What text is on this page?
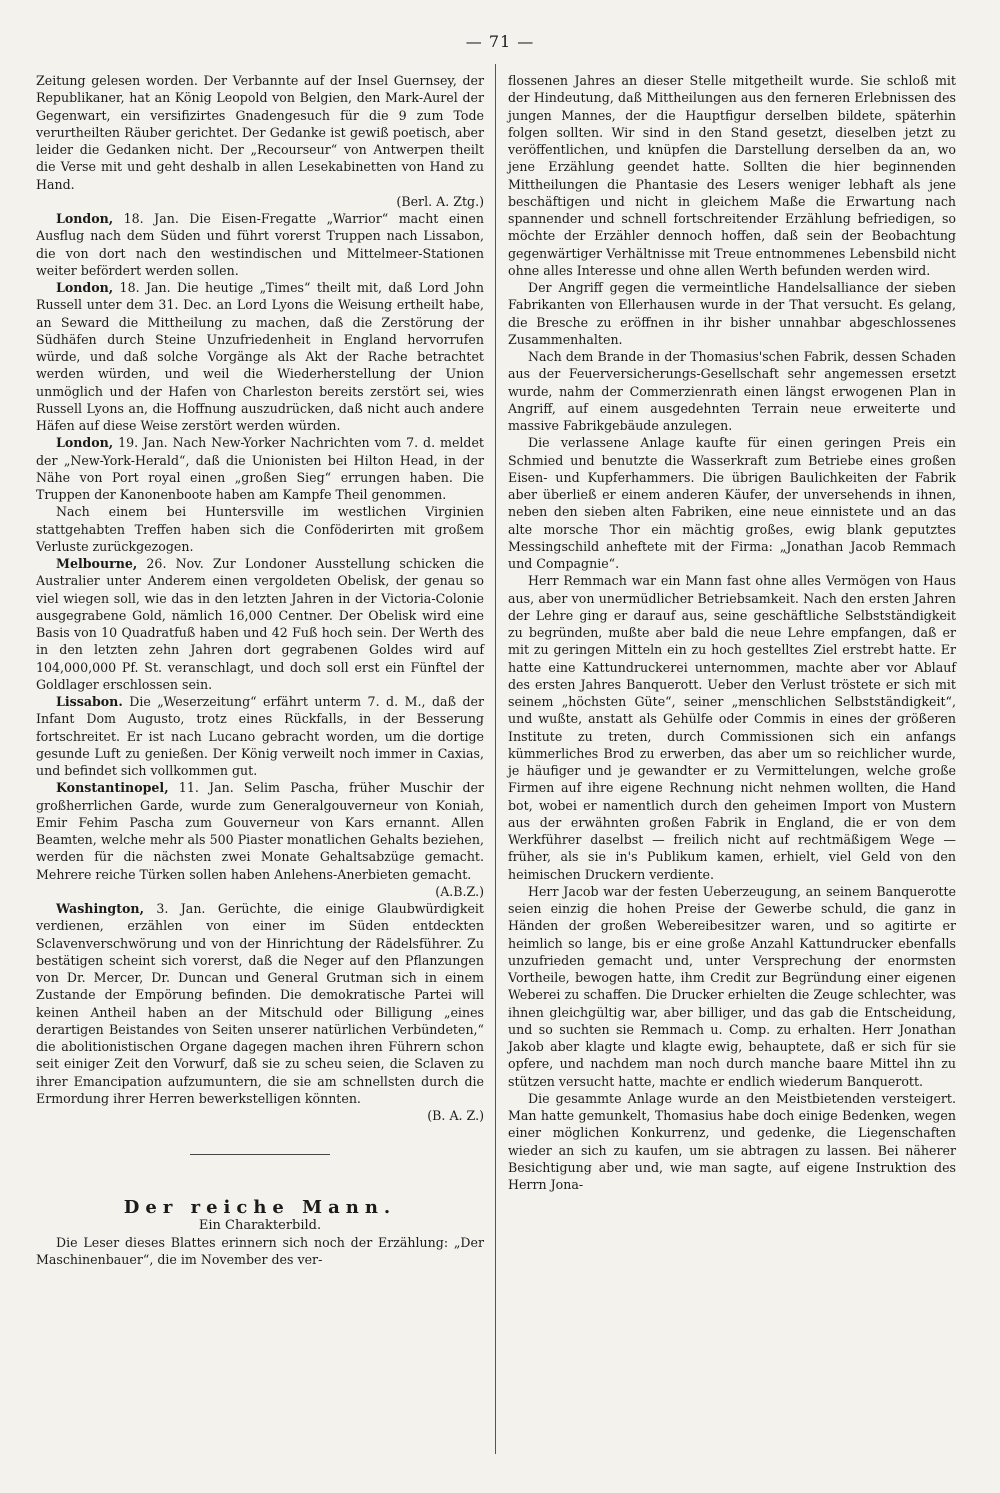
— 71 —

Zeitung gelesen worden. Der Verbannte auf der Insel Guernsey, der Republikaner, hat an König Leopold von Belgien, den Mark-Aurel der Gegenwart, ein versifizirtes Gnadengesuch für die 9 zum Tode verurtheilten Räuber gerichtet. Der Gedanke ist gewiß poetisch, aber leider die Gedanken nicht. Der „Recourseur“ von Antwerpen theilt die Verse mit und geht deshalb in allen Lesekabinetten von Hand zu Hand.
(Berl. A. Ztg.)

London, 18. Jan. Die Eisen-Fregatte „Warrior“ macht einen Ausflug nach dem Süden und führt vorerst Truppen nach Lissabon, die von dort nach den westindischen und Mittelmeer-Stationen weiter befördert werden sollen.

London, 18. Jan. Die heutige „Times“ theilt mit, daß Lord John Russell unter dem 31. Dec. an Lord Lyons die Weisung ertheilt habe, an Seward die Mittheilung zu machen, daß die Zerstörung der Südhäfen durch Steine Unzufriedenheit in England hervorrufen würde, und daß solche Vorgänge als Akt der Rache betrachtet werden würden, und weil die Wiederherstellung der Union unmöglich und der Hafen von Charleston bereits zerstört sei, wies Russell Lyons an, die Hoffnung auszudrücken, daß nicht auch andere Häfen auf diese Weise zerstört werden würden.

London, 19. Jan. Nach New-Yorker Nachrichten vom 7. d. meldet der „New-York-Herald“, daß die Unionisten bei Hilton Head, in der Nähe von Port royal einen „großen Sieg“ errungen haben. Die Truppen der Kanonenboote haben am Kampfe Theil genommen.

Nach einem bei Huntersville im westlichen Virginien stattgehabten Treffen haben sich die Conföderirten mit großem Verluste zurückgezogen.

Melbourne, 26. Nov. Zur Londoner Ausstellung schicken die Australier unter Anderem einen vergoldeten Obelisk, der genau so viel wiegen soll, wie das in den letzten Jahren in der Victoria-Colonie ausgegrabene Gold, nämlich 16,000 Centner. Der Obelisk wird eine Basis von 10 Quadratfuß haben und 42 Fuß hoch sein. Der Werth des in den letzten zehn Jahren dort gegrabenen Goldes wird auf 104,000,000 Pf. St. veranschlagt, und doch soll erst ein Fünftel der Goldlager erschlossen sein.

Lissabon. Die „Weserzeitung“ erfährt unterm 7. d. M., daß der Infant Dom Augusto, trotz eines Rückfalls, in der Besserung fortschreitet. Er ist nach Lucano gebracht worden, um die dortige gesunde Luft zu genießen. Der König verweilt noch immer in Caxias, und befindet sich vollkommen gut.

Konstantinopel, 11. Jan. Selim Pascha, früher Muschir der großherrlichen Garde, wurde zum Generalgouverneur von Koniah, Emir Fehim Pascha zum Gouverneur von Kars ernannt. Allen Beamten, welche mehr als 500 Piaster monatlichen Gehalts beziehen, werden für die nächsten zwei Monate Gehaltsabzüge gemacht. Mehrere reiche Türken sollen haben Anlehens-Anerbieten gemacht.
(A.B.Z.)

Washington, 3. Jan. Gerüchte, die einige Glaubwürdigkeit verdienen, erzählen von einer im Süden entdeckten Sclavenverschwörung und von der Hinrichtung der Rädelsführer. Zu bestätigen scheint sich vorerst, daß die Neger auf den Pflanzungen von Dr. Mercer, Dr. Duncan und General Grutman sich in einem Zustande der Empörung befinden. Die demokratische Partei will keinen Antheil haben an der Mitschuld oder Billigung „eines derartigen Beistandes von Seiten unserer natürlichen Verbündeten,“ die abolitionistischen Organe dagegen machen ihren Führern schon seit einiger Zeit den Vorwurf, daß sie zu scheu seien, die Sclaven zu ihrer Emancipation aufzumuntern, die sie am schnellsten durch die Ermordung ihrer Herren bewerkstelligen könnten.
(B. A. Z.)

Der reiche Mann.

Ein Charakterbild.

Die Leser dieses Blattes erinnern sich noch der Erzählung: „Der Maschinenbauer“, die im November des ver-

flossenen Jahres an dieser Stelle mitgetheilt wurde. Sie schloß mit der Hindeutung, daß Mittheilungen aus den ferneren Erlebnissen des jungen Mannes, der die Hauptfigur derselben bildete, späterhin folgen sollten. Wir sind in den Stand gesetzt, dieselben jetzt zu veröffentlichen, und knüpfen die Darstellung derselben da an, wo jene Erzählung geendet hatte. Sollten die hier beginnenden Mittheilungen die Phantasie des Lesers weniger lebhaft als jene beschäftigen und nicht in gleichem Maße die Erwartung nach spannender und schnell fortschreitender Erzählung befriedigen, so möchte der Erzähler dennoch hoffen, daß sein der Beobachtung gegenwärtiger Verhältnisse mit Treue entnommenes Lebensbild nicht ohne alles Interesse und ohne allen Werth befunden werden wird.

Der Angriff gegen die vermeintliche Handelsalliance der sieben Fabrikanten von Ellerhausen wurde in der That versucht. Es gelang, die Bresche zu eröffnen in ihr bisher unnahbar abgeschlossenes Zusammenhalten.

Nach dem Brande in der Thomasius'schen Fabrik, dessen Schaden aus der Feuerversicherungs-Gesellschaft sehr angemessen ersetzt wurde, nahm der Commerzienrath einen längst erwogenen Plan in Angriff, auf einem ausgedehnten Terrain neue erweiterte und massive Fabrikgebäude anzulegen.

Die verlassene Anlage kaufte für einen geringen Preis ein Schmied und benutzte die Wasserkraft zum Betriebe eines großen Eisen- und Kupferhammers. Die übrigen Baulichkeiten der Fabrik aber überließ er einem anderen Käufer, der unversehends in ihnen, neben den sieben alten Fabriken, eine neue einnistete und an das alte morsche Thor ein mächtig großes, ewig blank geputztes Messingschild anheftete mit der Firma: „Jonathan Jacob Remmach und Compagnie“.

Herr Remmach war ein Mann fast ohne alles Vermögen von Haus aus, aber von unermüdlicher Betriebsamkeit. Nach den ersten Jahren der Lehre ging er darauf aus, seine geschäftliche Selbstständigkeit zu begründen, mußte aber bald die neue Lehre empfangen, daß er mit zu geringen Mitteln ein zu hoch gestelltes Ziel erstrebt hatte. Er hatte eine Kattundruckerei unternommen, machte aber vor Ablauf des ersten Jahres Banquerott. Ueber den Verlust tröstete er sich mit seinem „höchsten Güte“, seiner „menschlichen Selbstständigkeit“, und wußte, anstatt als Gehülfe oder Commis in eines der größeren Institute zu treten, durch Commissionen sich ein anfangs kümmerliches Brod zu erwerben, das aber um so reichlicher wurde, je häufiger und je gewandter er zu Vermittelungen, welche große Firmen auf ihre eigene Rechnung nicht nehmen wollten, die Hand bot, wobei er namentlich durch den geheimen Import von Mustern aus der erwähnten großen Fabrik in England, die er von dem Werkführer daselbst — freilich nicht auf rechtmäßigem Wege — früher, als sie in's Publikum kamen, erhielt, viel Geld von den heimischen Druckern verdiente.

Herr Jacob war der festen Ueberzeugung, an seinem Banquerotte seien einzig die hohen Preise der Gewerbe schuld, die ganz in Händen der großen Webereibesitzer waren, und so agitirte er heimlich so lange, bis er eine große Anzahl Kattundrucker ebenfalls unzufrieden gemacht und, unter Versprechung der enormsten Vortheile, bewogen hatte, ihm Credit zur Begründung einer eigenen Weberei zu schaffen. Die Drucker erhielten die Zeuge schlechter, was ihnen gleichgültig war, aber billiger, und das gab die Entscheidung, und so suchten sie Remmach u. Comp. zu erhalten. Herr Jonathan Jakob aber klagte und klagte ewig, behauptete, daß er sich für sie opfere, und nachdem man noch durch manche baare Mittel ihn zu stützen versucht hatte, machte er endlich wiederum Banquerott.

Die gesammte Anlage wurde an den Meistbietenden versteigert. Man hatte gemunkelt, Thomasius habe doch einige Bedenken, wegen einer möglichen Konkurrenz, und gedenke, die Liegenschaften wieder an sich zu kaufen, um sie abtragen zu lassen. Bei näherer Besichtigung aber und, wie man sagte, auf eigene Instruktion des Herrn Jona-
